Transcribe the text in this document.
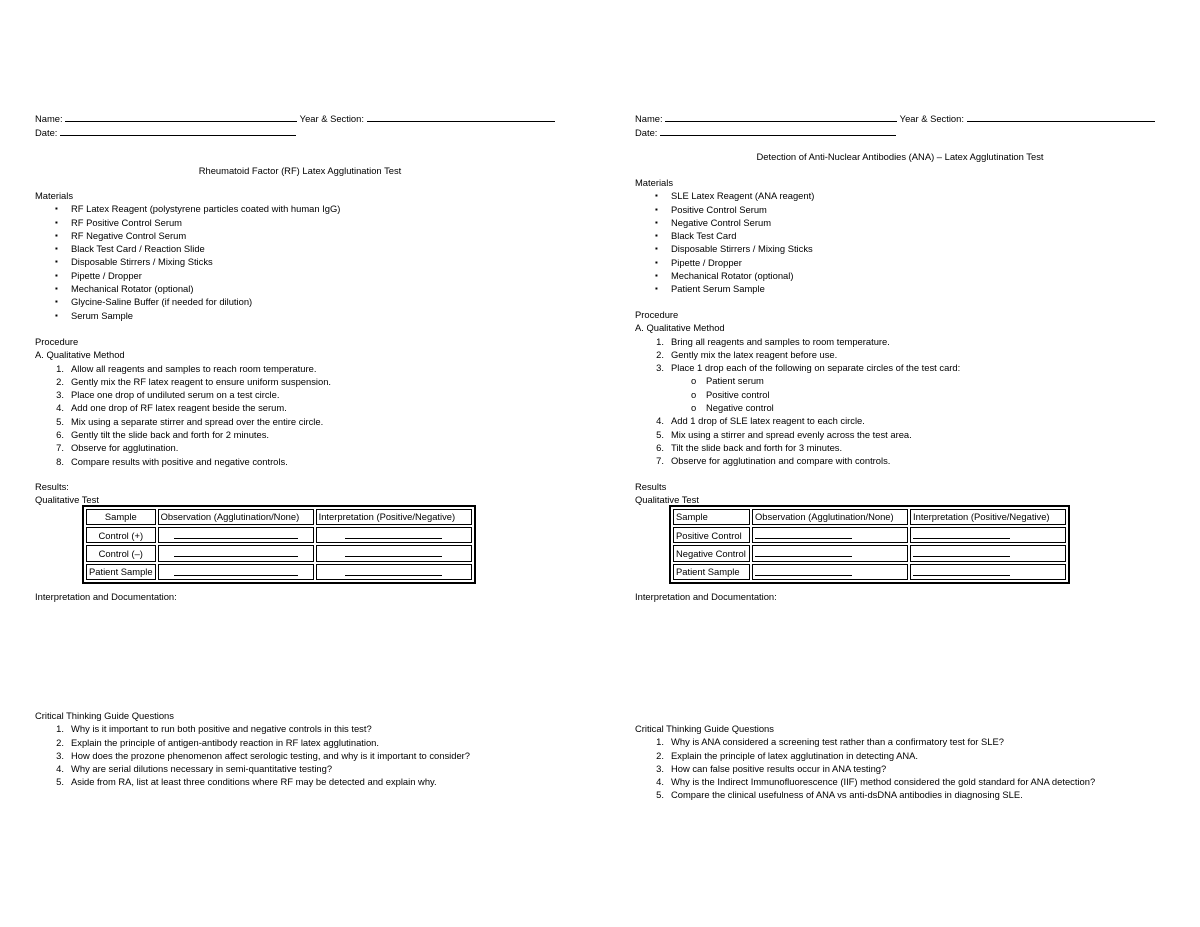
Name:	Year & Section:
Date:
Rheumatoid Factor (RF) Latex Agglutination Test
Materials
▪ RF Latex Reagent (polystyrene particles coated with human IgG)
▪ RF Positive Control Serum
▪ RF Negative Control Serum
▪ Black Test Card / Reaction Slide
▪ Disposable Stirrers / Mixing Sticks
▪ Pipette / Dropper
▪ Mechanical Rotator (optional)
▪ Glycine-Saline Buffer (if needed for dilution)
▪ Serum Sample
Procedure
A. Qualitative Method
1. Allow all reagents and samples to reach room temperature.
2. Gently mix the RF latex reagent to ensure uniform suspension.
3. Place one drop of undiluted serum on a test circle.
4. Add one drop of RF latex reagent beside the serum.
5. Mix using a separate stirrer and spread over the entire circle.
6. Gently tilt the slide back and forth for 2 minutes.
7. Observe for agglutination.
8. Compare results with positive and negative controls.
Results:
Qualitative Test
Sample	Observation (Agglutination/None)	Interpretation (Positive/Negative)
Control (+)		
Control (–)		
Patient Sample		
Interpretation and Documentation:
Critical Thinking Guide Questions
1. Why is it important to run both positive and negative controls in this test?
2. Explain the principle of antigen-antibody reaction in RF latex agglutination.
3. How does the prozone phenomenon affect serologic testing, and why is it important to consider?
4. Why are serial dilutions necessary in semi-quantitative testing?
5. Aside from RA, list at least three conditions where RF may be detected and explain why.
Name:	Year & Section:
Date:
Detection of Anti-Nuclear Antibodies (ANA) – Latex Agglutination Test
Materials
▪ SLE Latex Reagent (ANA reagent)
▪ Positive Control Serum
▪ Negative Control Serum
▪ Black Test Card
▪ Disposable Stirrers / Mixing Sticks
▪ Pipette / Dropper
▪ Mechanical Rotator (optional)
▪ Patient Serum Sample
Procedure
A. Qualitative Method
1. Bring all reagents and samples to room temperature.
2. Gently mix the latex reagent before use.
3. Place 1 drop each of the following on separate circles of the test card:
o Patient serum
o Positive control
o Negative control
4. Add 1 drop of SLE latex reagent to each circle.
5. Mix using a stirrer and spread evenly across the test area.
6. Tilt the slide back and forth for 3 minutes.
7. Observe for agglutination and compare with controls.
Results
Qualitative Test
Sample	Observation (Agglutination/None)	Interpretation (Positive/Negative)
Positive Control		
Negative Control		
Patient Sample		
Interpretation and Documentation:
Critical Thinking Guide Questions
1. Why is ANA considered a screening test rather than a confirmatory test for SLE?
2. Explain the principle of latex agglutination in detecting ANA.
3. How can false positive results occur in ANA testing?
4. Why is the Indirect Immunofluorescence (IIF) method considered the gold standard for ANA detection?
5. Compare the clinical usefulness of ANA vs anti-dsDNA antibodies in diagnosing SLE.
